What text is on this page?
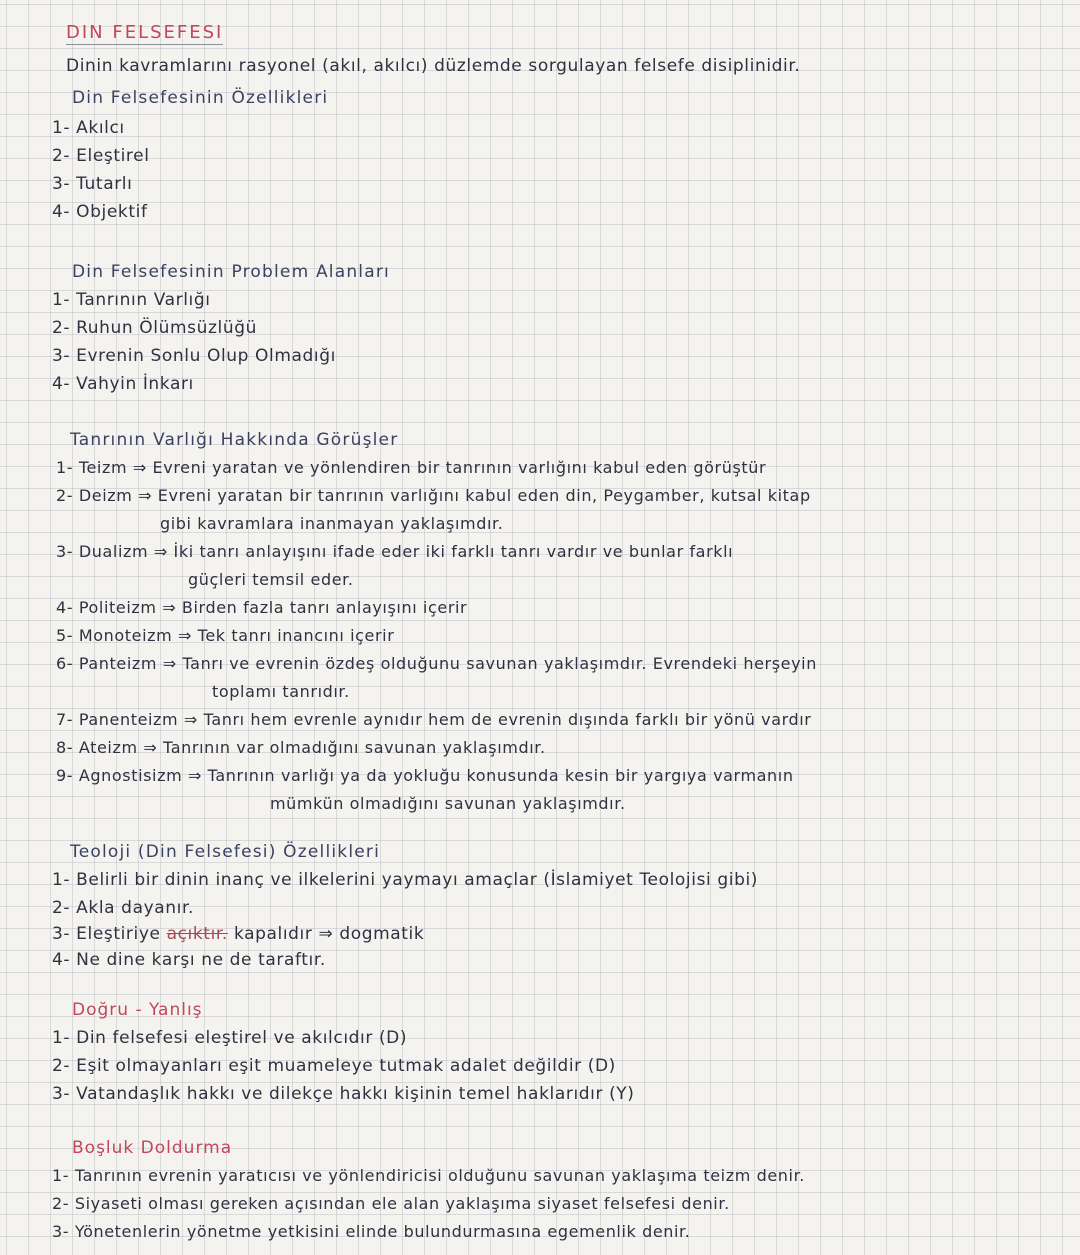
DIN FELSEFESI
Dinin kavramlarını rasyonel (akıl, akılcı) düzlemde sorgulayan felsefe disiplinidir.
Din Felsefesinin Özellikleri
1- Akılcı
2- Eleştirel
3- Tutarlı
4- Objektif
Din Felsefesinin Problem Alanları
1- Tanrının Varlığı
2- Ruhun Ölümsüzlüğü
3- Evrenin Sonlu Olup Olmadığı
4- Vahyin İnkarı
Tanrının Varlığı Hakkında Görüşler
1- Teizm ⇒ Evreni yaratan ve yönlendiren bir tanrının varlığını kabul eden görüştür
2- Deizm ⇒ Evreni yaratan bir tanrının varlığını kabul eden din, Peygamber, kutsal kitap
gibi kavramlara inanmayan yaklaşımdır.
3- Dualizm ⇒ İki tanrı anlayışını ifade eder iki farklı tanrı vardır ve bunlar farklı
güçleri temsil eder.
4- Politeizm ⇒ Birden fazla tanrı anlayışını içerir
5- Monoteizm ⇒ Tek tanrı inancını içerir
6- Panteizm ⇒ Tanrı ve evrenin özdeş olduğunu savunan yaklaşımdır. Evrendeki herşeyin
toplamı tanrıdır.
7- Panenteizm ⇒ Tanrı hem evrenle aynıdır hem de evrenin dışında farklı bir yönü vardır
8- Ateizm ⇒ Tanrının var olmadığını savunan yaklaşımdır.
9- Agnostisizm ⇒ Tanrının varlığı ya da yokluğu konusunda kesin bir yargıya varmanın
mümkün olmadığını savunan yaklaşımdır.
Teoloji (Din Felsefesi) Özellikleri
1- Belirli bir dinin inanç ve ilkelerini yaymayı amaçlar (İslamiyet Teolojisi gibi)
2- Akla dayanır.
3- Eleştiriye açıktır. kapalıdır ⇒ dogmatik
4- Ne dine karşı ne de taraftır.
Doğru - Yanlış
1- Din felsefesi eleştirel ve akılcıdır (D)
2- Eşit olmayanları eşit muameleye tutmak adalet değildir (D)
3- Vatandaşlık hakkı ve dilekçe hakkı kişinin temel haklarıdır (Y)
Boşluk Doldurma
1- Tanrının evrenin yaratıcısı ve yönlendiricisi olduğunu savunan yaklaşıma teizm denir.
2- Siyaseti olması gereken açısından ele alan yaklaşıma siyaset felsefesi denir.
3- Yönetenlerin yönetme yetkisini elinde bulundurmasına egemenlik denir.
